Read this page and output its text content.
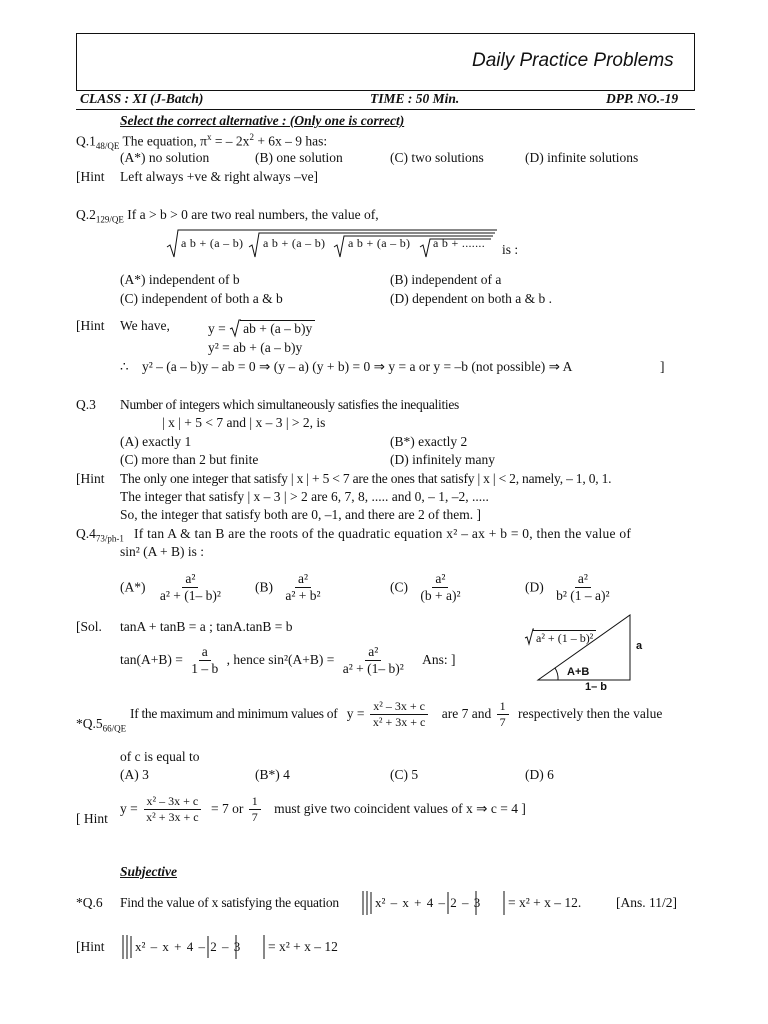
Daily Practice Problems
CLASS : XI (J-Batch)	TIME : 50 Min.	DPP. NO.-19
Select the correct alternative : (Only one is correct)
$Q.1_{48/QE}$ The equation, $\pi^x$ = – $2x^2 + 6x - 9$ has:
(A*) no solution	(B) one solution	(C) two solutions	(D) infinite solutions
[Hint Left always +ve & right always –ve]
$Q.2_{129/QE}$ If a > b > 0 are two real numbers, the value of,
a b + (a – b) a b + (a – b) a b + (a – b) a b + ....... is :
(A*) independent of b	(B) independent of a
(C) independent of both a & b	(D) dependent on both a & b .
[Hint We have,	y = ab + (a – b)y
y² = ab + (a – b)y
∴ y² – (a – b)y – ab = 0 ⇒ (y – a) (y + b) = 0 ⇒ y = a or y = –b (not possible) ⇒ A	]
Q.3 Number of integers which simultaneously satisfies the inequalities
| x | + 5 < 7 and | x – 3 | > 2, is
(A) exactly 1	(B*) exactly 2
(C) more than 2 but finite	(D) infinitely many
[Hint The only one integer that satisfy | x | + 5 < 7 are the ones that satisfy | x | < 2, namely, – 1, 0, 1.
The integer that satisfy | x – 3 | > 2 are 6, 7, 8, ..... and 0, – 1, –2, .....
So, the integer that satisfy both are 0, –1, and there are 2 of them. ]
$Q.4_{73/ph-1}$ If tan A & tan B are the roots of the quadratic equation x² – ax + b = 0, then the value of
sin² (A + B) is :
$(A*) \frac{\text{a²}}{\text{a² + (1– b)²}} (B) \frac{\text{a²}}{\text{a² + b²}}$	$(C) \frac{\text{a²}}{\text{(b + a)²}}$	$(D) \frac{\text{a²}}{\text{b² (1 – a)²}}$
[Sol. tanA + tanB = a ; tanA.tanB = b
$\tan(A+B) = \frac{a}{1 - b}$ , hence $\sin^2(A+B) = \frac{\text{a²}}{\text{a² + (1– b)²}}$ Ans: ]
a² + (1 – b)²
a
A+B
1– b
$*Q.5_{66/QE}$
If the maximum and minimum values of $y = \frac{\text{x² – 3x + c}}{\text{x² + 3x + c}}$ are 7 and $\frac{1}{7}$ respectively then the value
of c is equal to
(A) 3	(B*) 4	(C) 5	(D) 6
[ Hint
$y = \frac{\text{x² – 3x + c}}{\text{x² + 3x + c}} = 7$ or $\frac{1}{7}$ must give two coincident values of x ⇒ c = 4 ]
Subjective
*Q.6 Find the value of x satisfying the equation	x² – x + 4 – 2 – 3 = x² + x – 12.	[Ans. 11/2]
[Hint x² – x + 4 – 2 – 3 = x² + x – 12
